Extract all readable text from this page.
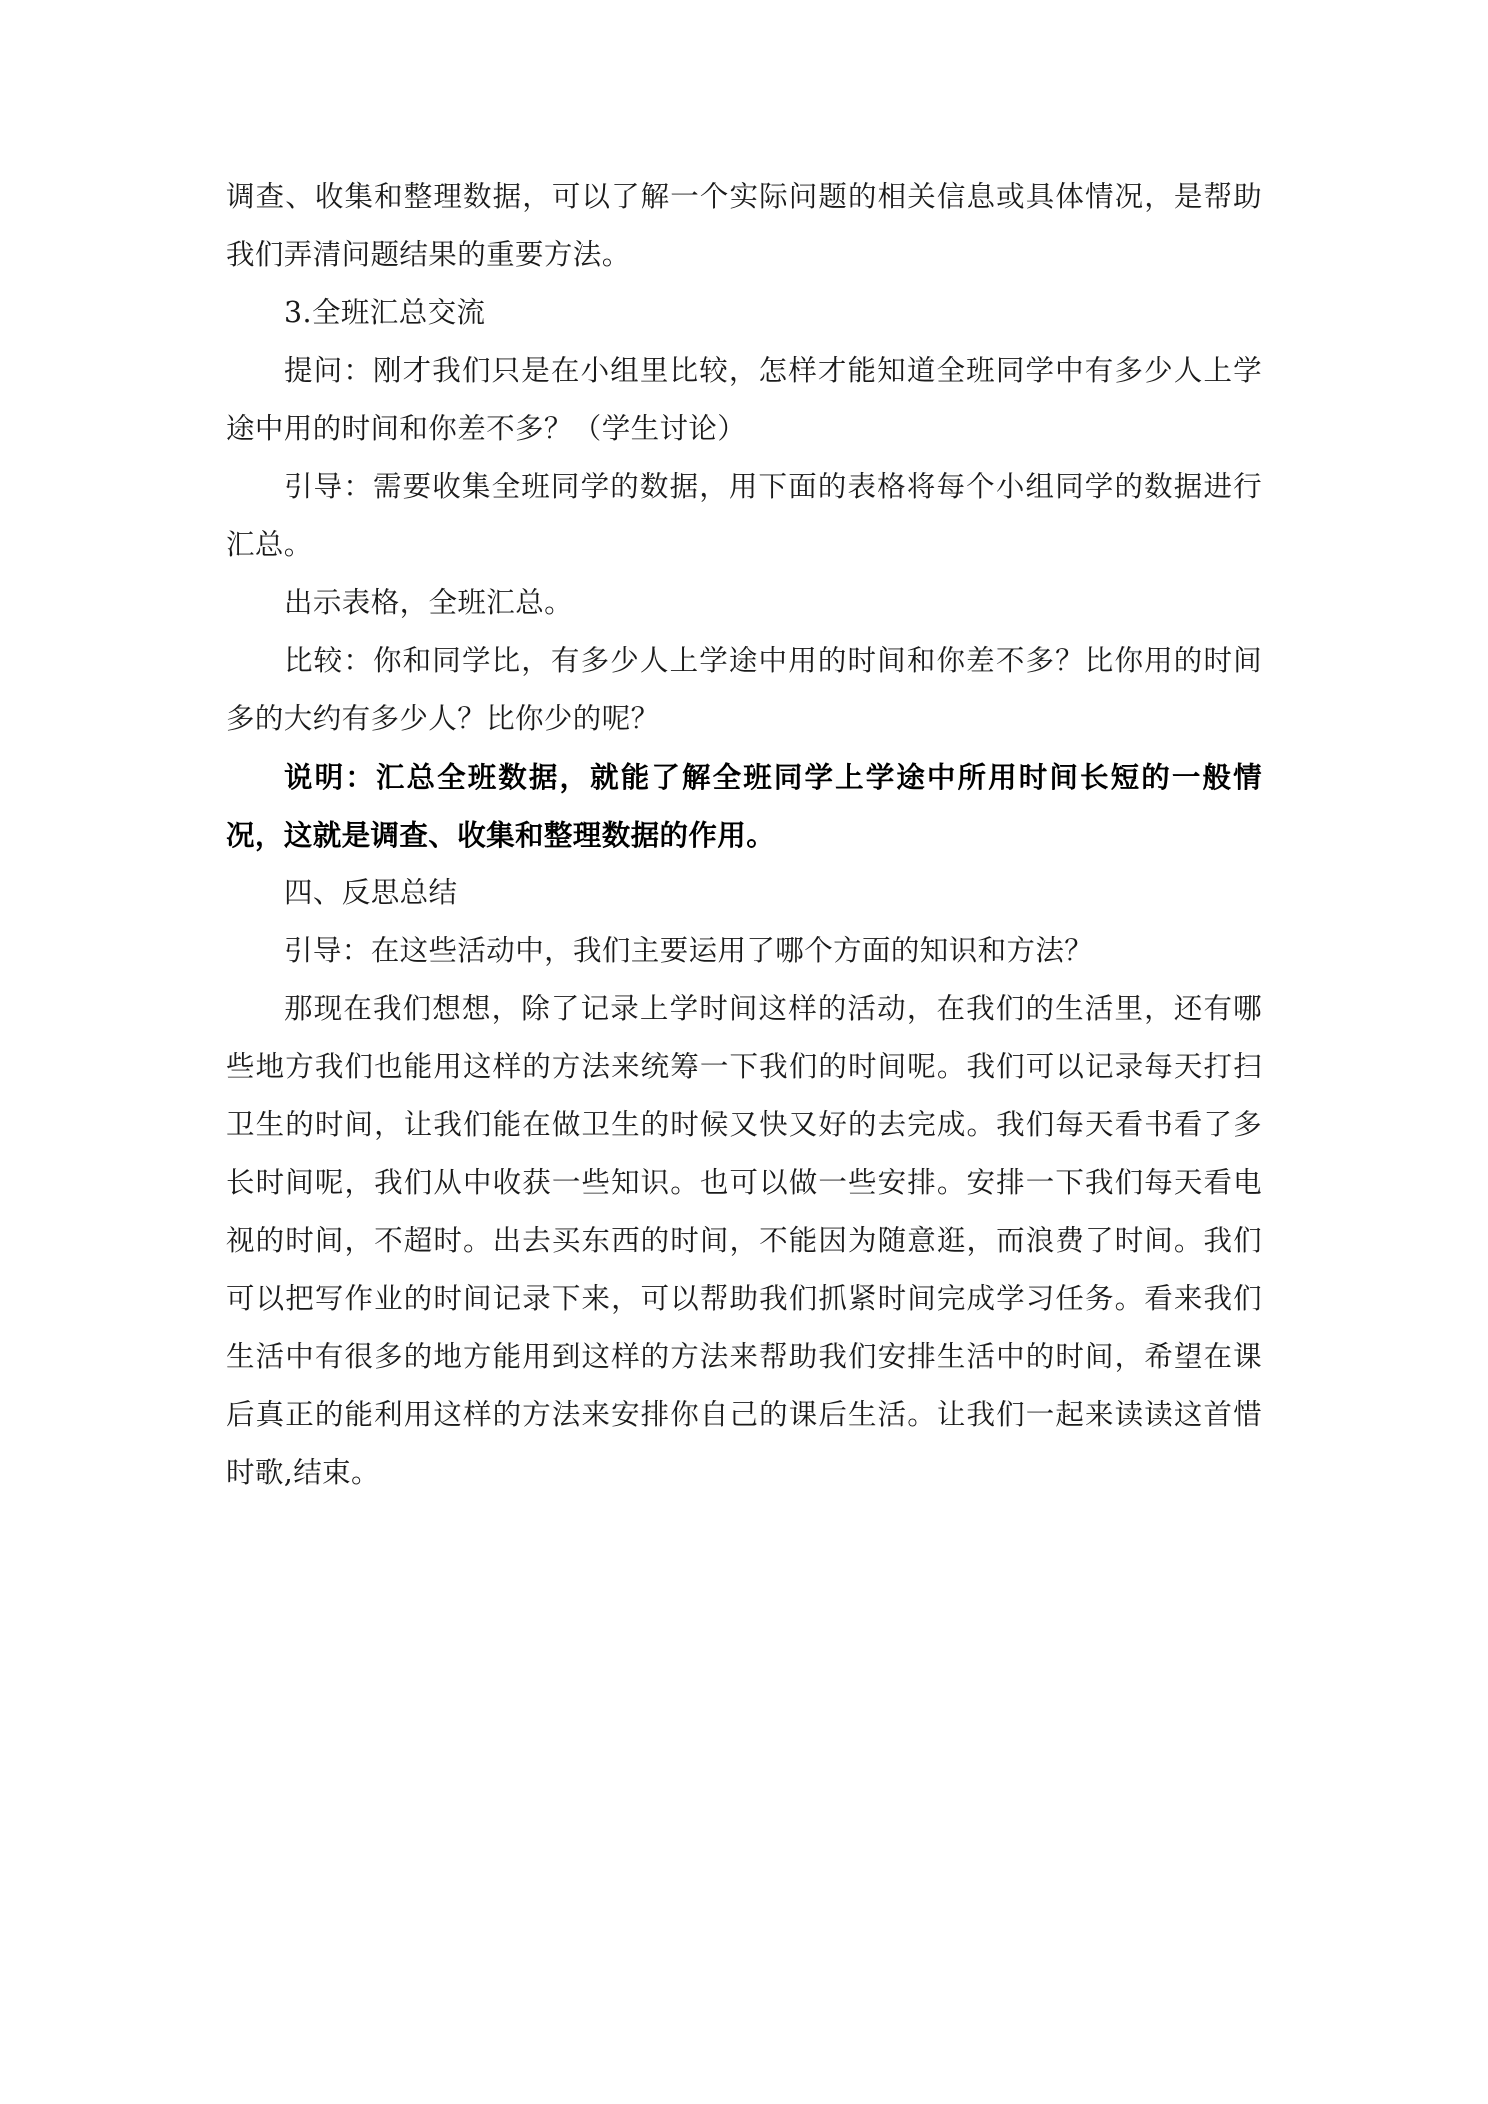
调查、收集和整理数据，可以了解一个实际问题的相关信息或具体情况，是帮助我们弄清问题结果的重要方法。

3.全班汇总交流

提问：刚才我们只是在小组里比较，怎样才能知道全班同学中有多少人上学途中用的时间和你差不多？（学生讨论）

引导：需要收集全班同学的数据，用下面的表格将每个小组同学的数据进行汇总。

出示表格，全班汇总。

比较：你和同学比，有多少人上学途中用的时间和你差不多？比你用的时间多的大约有多少人？比你少的呢？

说明：汇总全班数据，就能了解全班同学上学途中所用时间长短的一般情况，这就是调查、收集和整理数据的作用。

四、反思总结

引导：在这些活动中，我们主要运用了哪个方面的知识和方法？

那现在我们想想，除了记录上学时间这样的活动，在我们的生活里，还有哪些地方我们也能用这样的方法来统筹一下我们的时间呢。我们可以记录每天打扫卫生的时间，让我们能在做卫生的时候又快又好的去完成。我们每天看书看了多长时间呢，我们从中收获一些知识。也可以做一些安排。安排一下我们每天看电视的时间，不超时。出去买东西的时间，不能因为随意逛，而浪费了时间。我们可以把写作业的时间记录下来，可以帮助我们抓紧时间完成学习任务。看来我们生活中有很多的地方能用到这样的方法来帮助我们安排生活中的时间，希望在课后真正的能利用这样的方法来安排你自己的课后生活。让我们一起来读读这首惜时歌,结束。
